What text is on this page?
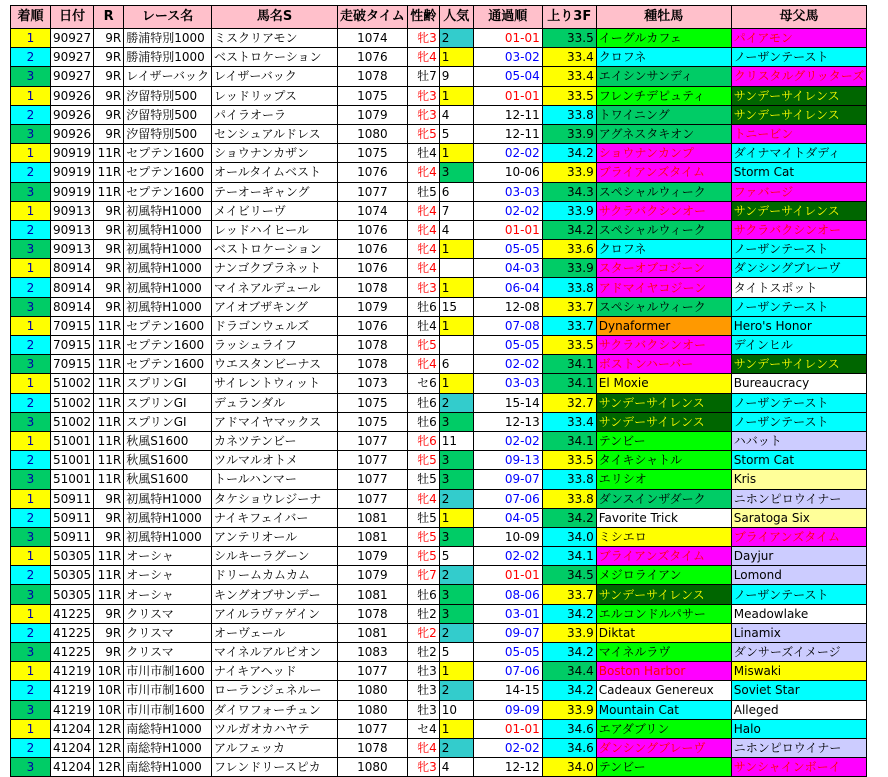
着順	日付	R	レース名	馬名S	走破タイム	性齢	人気	通過順	上り3F	種牡馬	母父馬
1	90927	9R	勝浦特別1000	ミスクリアモン	1074	牝3	2	01-01	33.5	イーグルカフェ	パイアモン
2	90927	9R	勝浦特別1000	ベストロケーション	1076	牝4	1	03-02	33.4	クロフネ	ノーザンテースト
3	90927	9R	レイザーバック	レイザーバック	1078	牡7	9	05-04	33.4	エイシンサンディ	クリスタルグリッターズ
1	90926	9R	汐留特別500	レッドリップス	1075	牝3	1	01-01	33.5	フレンチデピュティ	サンデーサイレンス
2	90926	9R	汐留特別500	パイラオーラ	1079	牝3	4	12-11	33.8	トワイニング	サンデーサイレンス
3	90926	9R	汐留特別500	センシュアルドレス	1080	牝5	5	12-11	33.9	アグネスタキオン	トニービン
1	90919	11R	セプテン1600	ショウナンカザン	1075	牡4	1	02-02	34.2	ショウナンカンプ	ダイナマイトダディ
2	90919	11R	セプテン1600	オールタイムベスト	1076	牝4	3	10-06	33.9	ブライアンズタイム	Storm Cat
3	90919	11R	セプテン1600	テーオーギャング	1077	牡5	6	03-03	34.3	スペシャルウィーク	ファバージ
1	90913	9R	初風特H1000	メイビリーヴ	1074	牝4	7	02-02	33.9	サクラバクシンオー	サンデーサイレンス
2	90913	9R	初風特H1000	レッドハイヒール	1076	牝4	4	01-01	34.2	スペシャルウィーク	サクラバクシンオー
3	90913	9R	初風特H1000	ベストロケーション	1076	牝4	1	05-05	33.6	クロフネ	ノーザンテースト
1	80914	9R	初風特H1000	ナンゴクプラネット	1076	牝4		04-03	33.9	スターオブコジーン	ダンシングブレーヴ
2	80914	9R	初風特H1000	マイネアルデュール	1078	牝3	1	06-04	33.8	アドマイヤコジーン	タイトスポット
3	80914	9R	初風特H1000	アイオブザキング	1079	牡6	15	12-08	33.7	スペシャルウィーク	ノーザンテースト
1	70915	11R	セプテン1600	ドラゴンウェルズ	1076	牡4	1	07-08	33.7	Dynaformer	Hero's Honor
2	70915	11R	セプテン1600	ラッシュライフ	1078	牝5		05-05	33.5	サクラバクシンオー	デインヒル
3	70915	11R	セプテン1600	ウエスタンビーナス	1078	牝4	6	02-02	34.1	ボストンハーバー	サンデーサイレンス
1	51002	11R	スプリンGI	サイレントウィット	1073	セ6	1	03-03	34.1	El Moxie	Bureaucracy
2	51002	11R	スプリンGI	デュランダル	1075	牡6	2	15-14	32.7	サンデーサイレンス	ノーザンテースト
3	51002	11R	スプリンGI	アドマイヤマックス	1075	牡6	3	12-13	33.4	サンデーサイレンス	ノーザンテースト
1	51001	11R	秋風S1600	カネツテンビー	1077	牝6	11	02-02	34.1	テンビー	ハバット
2	51001	11R	秋風S1600	ツルマルオトメ	1077	牝5	3	09-13	33.5	タイキシャトル	Storm Cat
3	51001	11R	秋風S1600	トールハンマー	1077	牡5	3	09-07	33.8	エリシオ	Kris
1	50911	9R	初風特H1000	タケショウレジーナ	1077	牝4	2	07-06	33.8	ダンスインザダーク	ニホンピロウイナー
2	50911	9R	初風特H1000	ナイキフェイバー	1081	牡5	1	04-05	34.2	Favorite Trick	Saratoga Six
3	50911	9R	初風特H1000	アンテリオール	1081	牝5	3	10-09	34.0	ミシエロ	ブライアンズタイム
1	50305	11R	オーシャ	シルキーラグーン	1079	牝5	5	02-02	34.1	ブライアンズタイム	Dayjur
2	50305	11R	オーシャ	ドリームカムカム	1079	牝7	2	01-01	34.5	メジロライアン	Lomond
3	50305	11R	オーシャ	キングオブサンデー	1081	牡6	3	08-06	33.7	サンデーサイレンス	ノーザンテースト
1	41225	9R	クリスマ	アイルラヴァゲイン	1078	牡2	3	03-01	34.2	エルコンドルパサー	Meadowlake
2	41225	9R	クリスマ	オーヴェール	1081	牝2	2	09-07	33.9	Diktat	Linamix
3	41225	9R	クリスマ	マイネルアルビオン	1083	牡2	5	05-05	34.2	マイネルラヴ	ダンサーズイメージ
1	41219	10R	市川市制1600	ナイキアヘッド	1077	牡3	1	07-06	34.4	Boston Harbor	Miswaki
2	41219	10R	市川市制1600	ローランジェネルー	1080	牡3	2	14-15	34.2	Cadeaux Genereux	Soviet Star
3	41219	10R	市川市制1600	ダイワフォーチュン	1080	牡3	10	09-09	33.9	Mountain Cat	Alleged
1	41204	12R	南総特H1000	ツルガオカハヤテ	1077	セ4	1	01-01	34.6	エアダブリン	Halo
2	41204	12R	南総特H1000	アルフェッカ	1078	牝4	2	02-02	34.6	ダンシングブレーヴ	ニホンピロウイナー
3	41204	12R	南総特H1000	フレンドリースピカ	1080	牝3	4	12-12	34.0	テンビー	サンシャインボーイ
